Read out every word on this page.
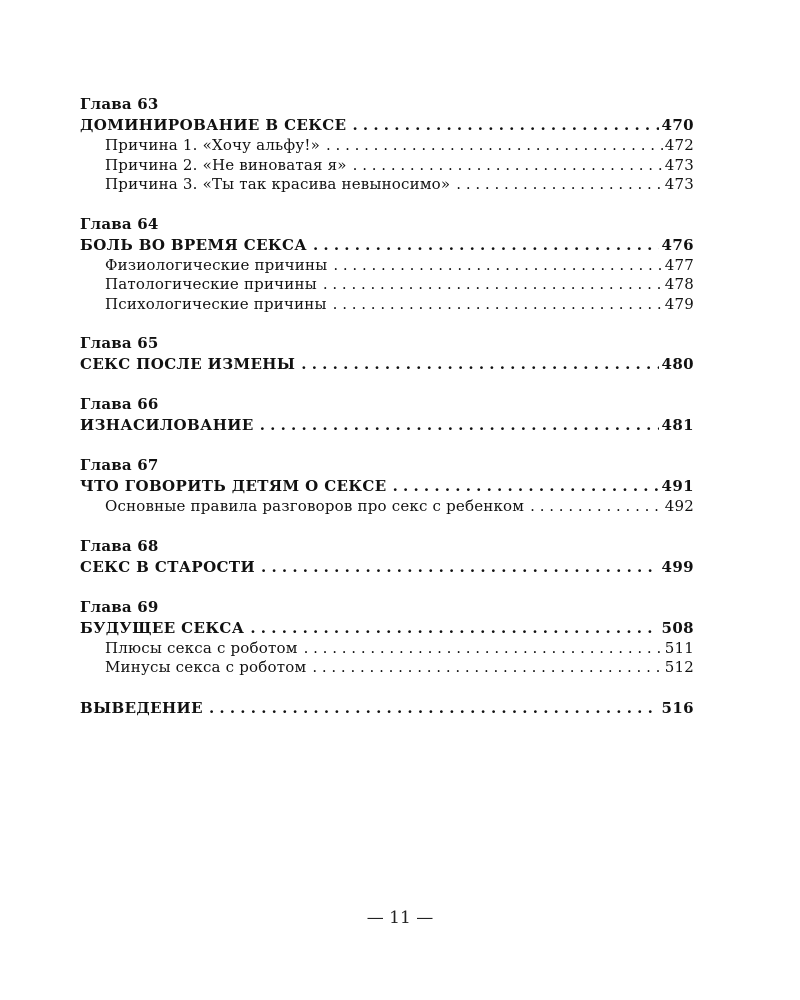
Глава 63
ДОМИНИРОВАНИЕ В СЕКСЕ . . .	470
Причина 1. «Хочу альфу!» . . .	472
Причина 2. «Не виноватая я» . . .	473
Причина 3. «Ты так красива невыносимо» . . .	473
Глава 64
БОЛЬ ВО ВРЕМЯ СЕКСА . . .	476
Физиологические причины . . .	477
Патологические причины . . .	478
Психологические причины . . .	479
Глава 65
СЕКС ПОСЛЕ ИЗМЕНЫ . . .	480
Глава 66
ИЗНАСИЛОВАНИЕ . . .	481
Глава 67
ЧТО ГОВОРИТЬ ДЕТЯМ О СЕКСЕ . . .	491
Основные правила разговоров про секс с ребенком . . .	492
Глава 68
СЕКС В СТАРОСТИ . . .	499
Глава 69
БУДУЩЕЕ СЕКСА . . .	508
Плюсы секса с роботом . . .	511
Минусы секса с роботом . . .	512
ВЫВЕДЕНИЕ . . .	516
— 11 —
